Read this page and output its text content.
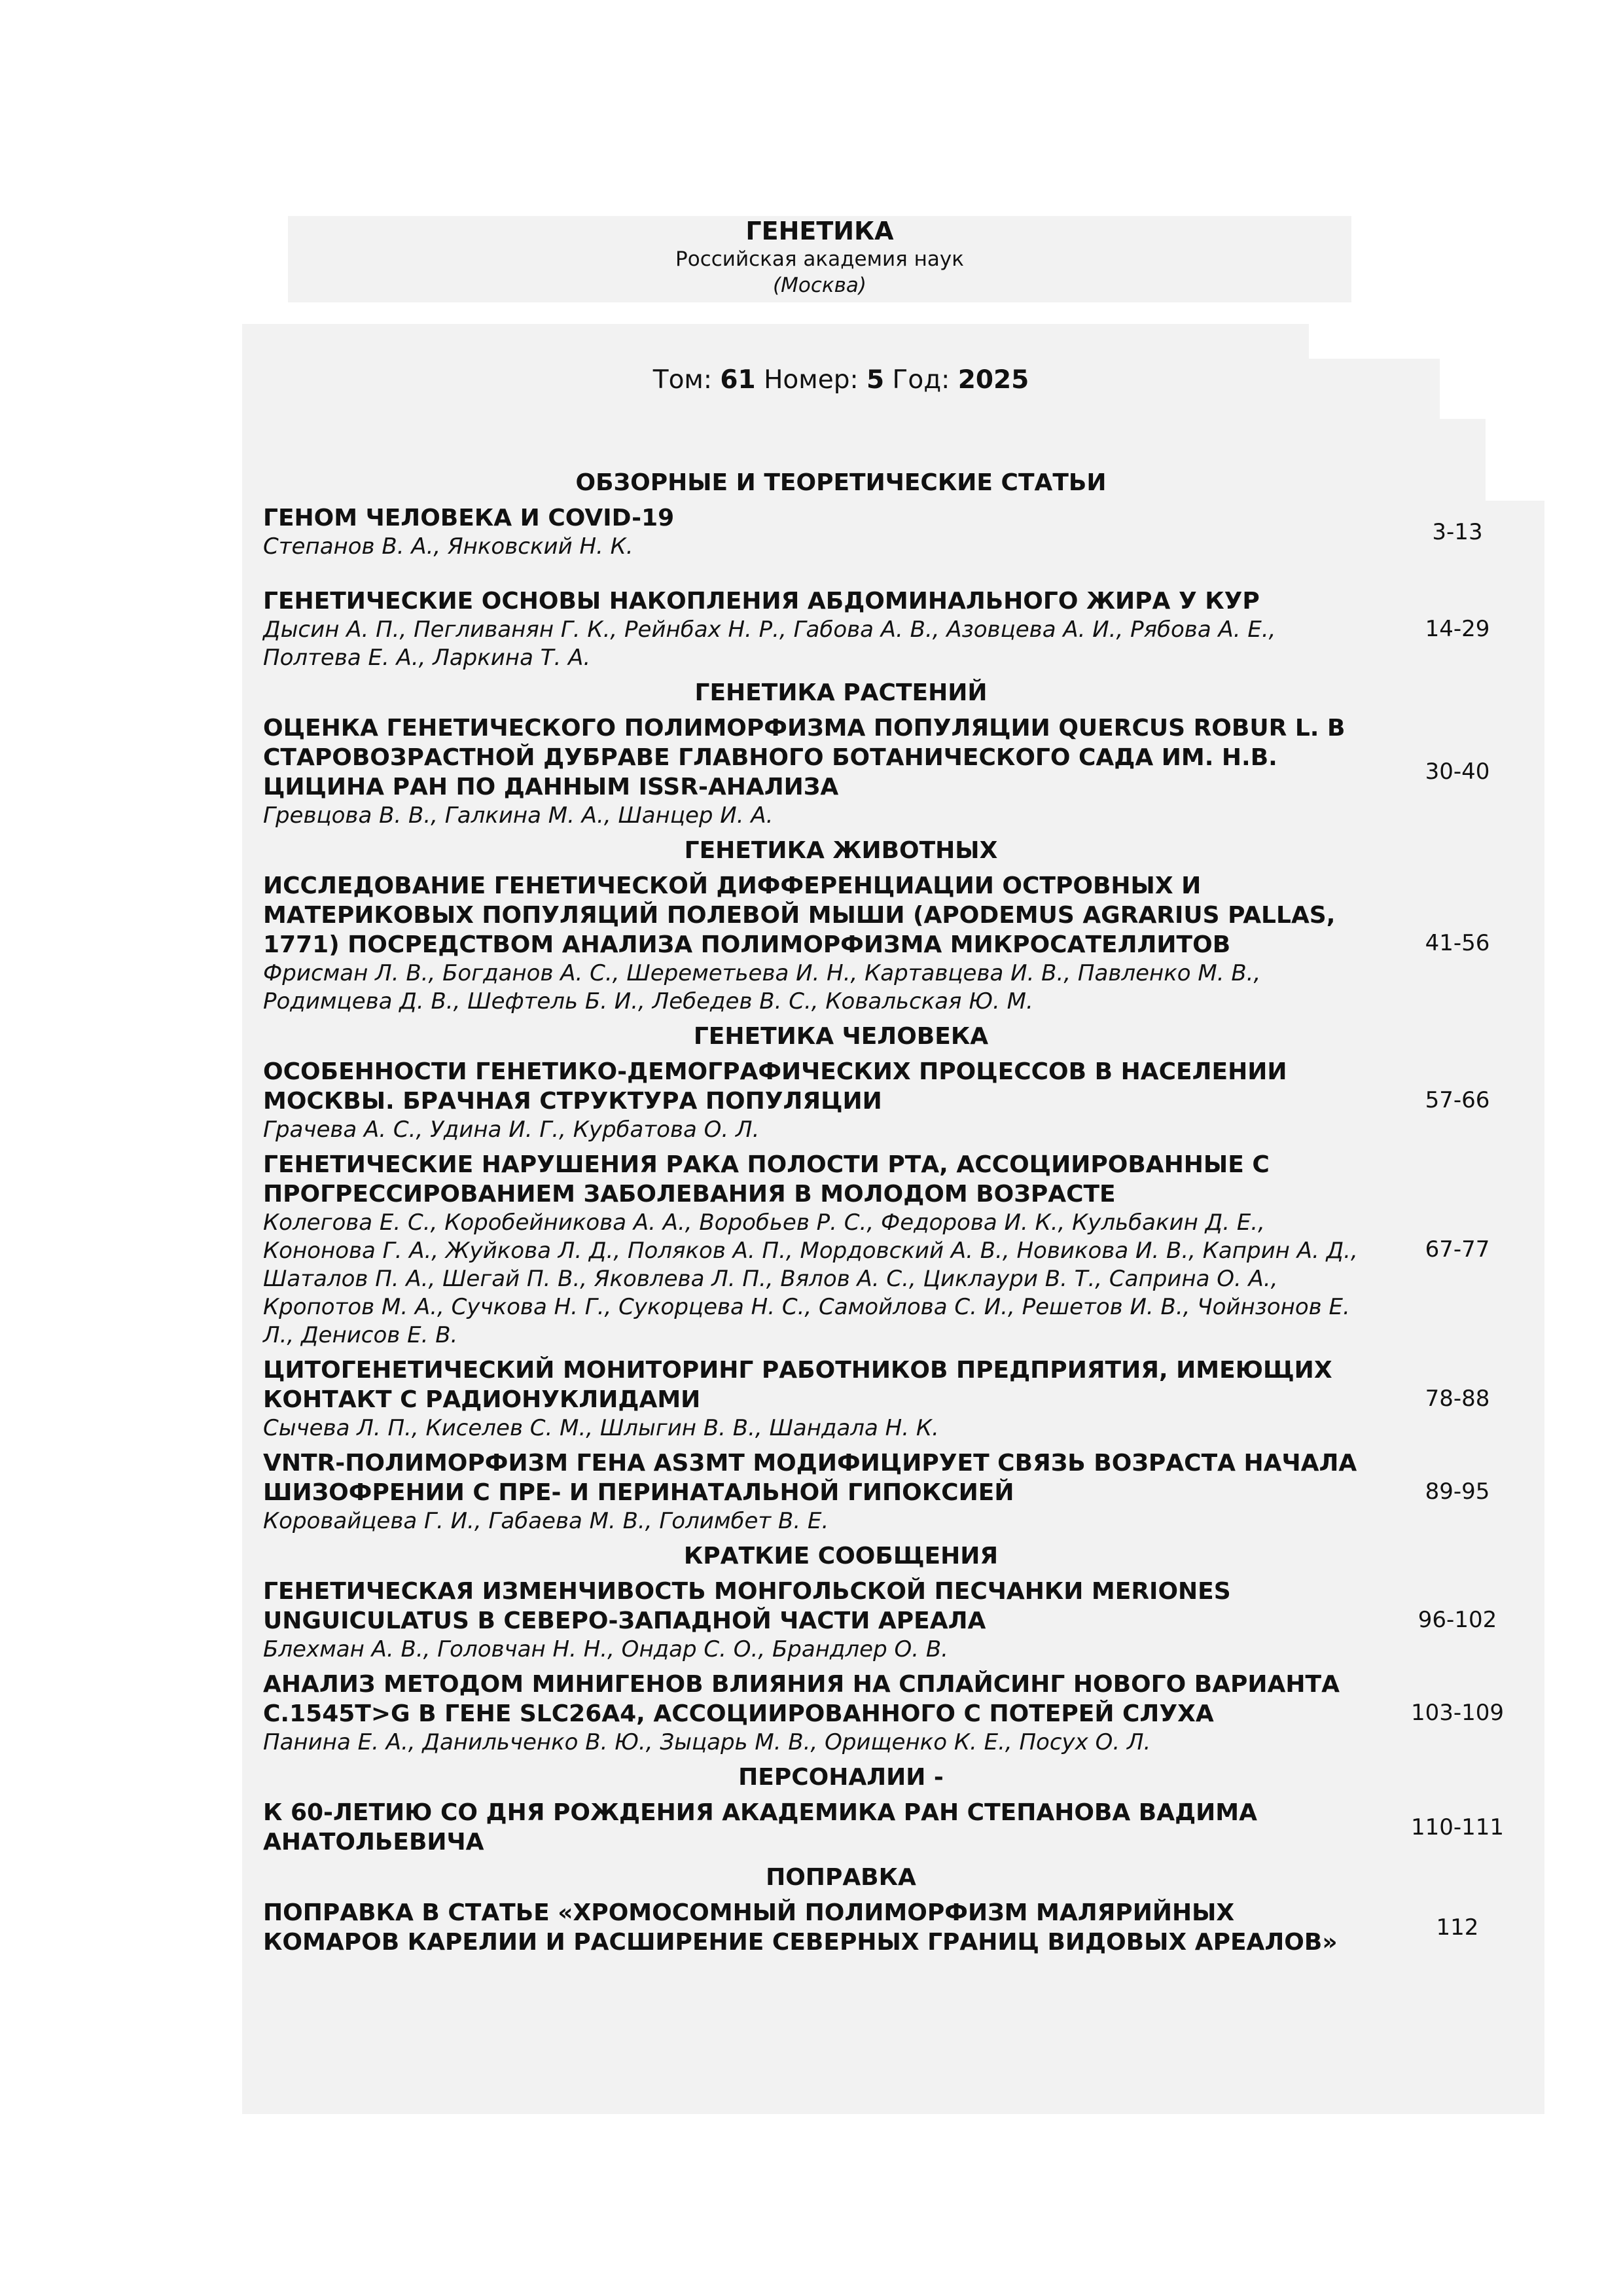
ГЕНЕТИКА
Российская академия наук
(Москва)
Том: 61 Номер: 5 Год: 2025
ОБЗОРНЫЕ И ТЕОРЕТИЧЕСКИЕ СТАТЬИ
ГЕНОМ ЧЕЛОВЕКА И COVID-19
Степанов В. А., Янковский Н. К.
3-13
ГЕНЕТИЧЕСКИЕ ОСНОВЫ НАКОПЛЕНИЯ АБДОМИНАЛЬНОГО ЖИРА У КУР
Дысин А. П., Пегливанян Г. К., Рейнбах Н. Р., Габова А. В., Азовцева А. И., Рябова А. Е., Полтева Е. А., Ларкина Т. А.
14-29
ГЕНЕТИКА РАСТЕНИЙ
ОЦЕНКА ГЕНЕТИЧЕСКОГО ПОЛИМОРФИЗМА ПОПУЛЯЦИИ QUERCUS ROBUR L. В СТАРОВОЗРАСТНОЙ ДУБРАВЕ ГЛАВНОГО БОТАНИЧЕСКОГО САДА ИМ. Н.В. ЦИЦИНА РАН ПО ДАННЫМ ISSR-АНАЛИЗА
Гревцова В. В., Галкина М. А., Шанцер И. А.
30-40
ГЕНЕТИКА ЖИВОТНЫХ
ИССЛЕДОВАНИЕ ГЕНЕТИЧЕСКОЙ ДИФФЕРЕНЦИАЦИИ ОСТРОВНЫХ И МАТЕРИКОВЫХ ПОПУЛЯЦИЙ ПОЛЕВОЙ МЫШИ (APODEMUS AGRARIUS PALLAS, 1771) ПОСРЕДСТВОМ АНАЛИЗА ПОЛИМОРФИЗМА МИКРОСАТЕЛЛИТОВ
Фрисман Л. В., Богданов А. С., Шереметьева И. Н., Картавцева И. В., Павленко М. В., Родимцева Д. В., Шефтель Б. И., Лебедев В. С., Ковальская Ю. М.
41-56
ГЕНЕТИКА ЧЕЛОВЕКА
ОСОБЕННОСТИ ГЕНЕТИКО-ДЕМОГРАФИЧЕСКИХ ПРОЦЕССОВ В НАСЕЛЕНИИ МОСКВЫ. БРАЧНАЯ СТРУКТУРА ПОПУЛЯЦИИ
Грачева А. С., Удина И. Г., Курбатова О. Л.
57-66
ГЕНЕТИЧЕСКИЕ НАРУШЕНИЯ РАКА ПОЛОСТИ РТА, АССОЦИИРОВАННЫЕ С ПРОГРЕССИРОВАНИЕМ ЗАБОЛЕВАНИЯ В МОЛОДОМ ВОЗРАСТЕ
Колегова Е. С., Коробейникова А. А., Воробьев Р. С., Федорова И. К., Кульбакин Д. Е., Кононова Г. А., Жуйкова Л. Д., Поляков А. П., Мордовский А. В., Новикова И. В., Каприн А. Д., Шаталов П. А., Шегай П. В., Яковлева Л. П., Вялов А. С., Циклаури В. Т., Саприна О. А., Кропотов М. А., Сучкова Н. Г., Сукорцева Н. С., Самойлова С. И., Решетов И. В., Чойнзонов Е. Л., Денисов Е. В.
67-77
ЦИТОГЕНЕТИЧЕСКИЙ МОНИТОРИНГ РАБОТНИКОВ ПРЕДПРИЯТИЯ, ИМЕЮЩИХ КОНТАКТ С РАДИОНУКЛИДАМИ
Сычева Л. П., Киселев С. М., Шлыгин В. В., Шандала Н. К.
78-88
VNTR-ПОЛИМОРФИЗМ ГЕНА AS3MT МОДИФИЦИРУЕТ СВЯЗЬ ВОЗРАСТА НАЧАЛА ШИЗОФРЕНИИ С ПРЕ- И ПЕРИНАТАЛЬНОЙ ГИПОКСИЕЙ
Коровайцева Г. И., Габаева М. В., Голимбет В. Е.
89-95
КРАТКИЕ СООБЩЕНИЯ
ГЕНЕТИЧЕСКАЯ ИЗМЕНЧИВОСТЬ МОНГОЛЬСКОЙ ПЕСЧАНКИ MERIONES UNGUICULATUS В СЕВЕРО-ЗАПАДНОЙ ЧАСТИ АРЕАЛА
Блехман А. В., Головчан Н. Н., Ондар С. О., Брандлер О. В.
96-102
АНАЛИЗ МЕТОДОМ МИНИГЕНОВ ВЛИЯНИЯ НА СПЛАЙСИНГ НОВОГО ВАРИАНТА C.1545T>G В ГЕНЕ SLC26A4, АССОЦИИРОВАННОГО С ПОТЕРЕЙ СЛУХА
Панина Е. А., Данильченко В. Ю., Зыцарь М. В., Орищенко К. Е., Посух О. Л.
103-109
ПЕРСОНАЛИИ -
К 60-ЛЕТИЮ СО ДНЯ РОЖДЕНИЯ АКАДЕМИКА РАН СТЕПАНОВА ВАДИМА АНАТОЛЬЕВИЧА
110-111
ПОПРАВКА
ПОПРАВКА В СТАТЬЕ «ХРОМОСОМНЫЙ ПОЛИМОРФИЗМ МАЛЯРИЙНЫХ КОМАРОВ КАРЕЛИИ И РАСШИРЕНИЕ СЕВЕРНЫХ ГРАНИЦ ВИДОВЫХ АРЕАЛОВ»
112
